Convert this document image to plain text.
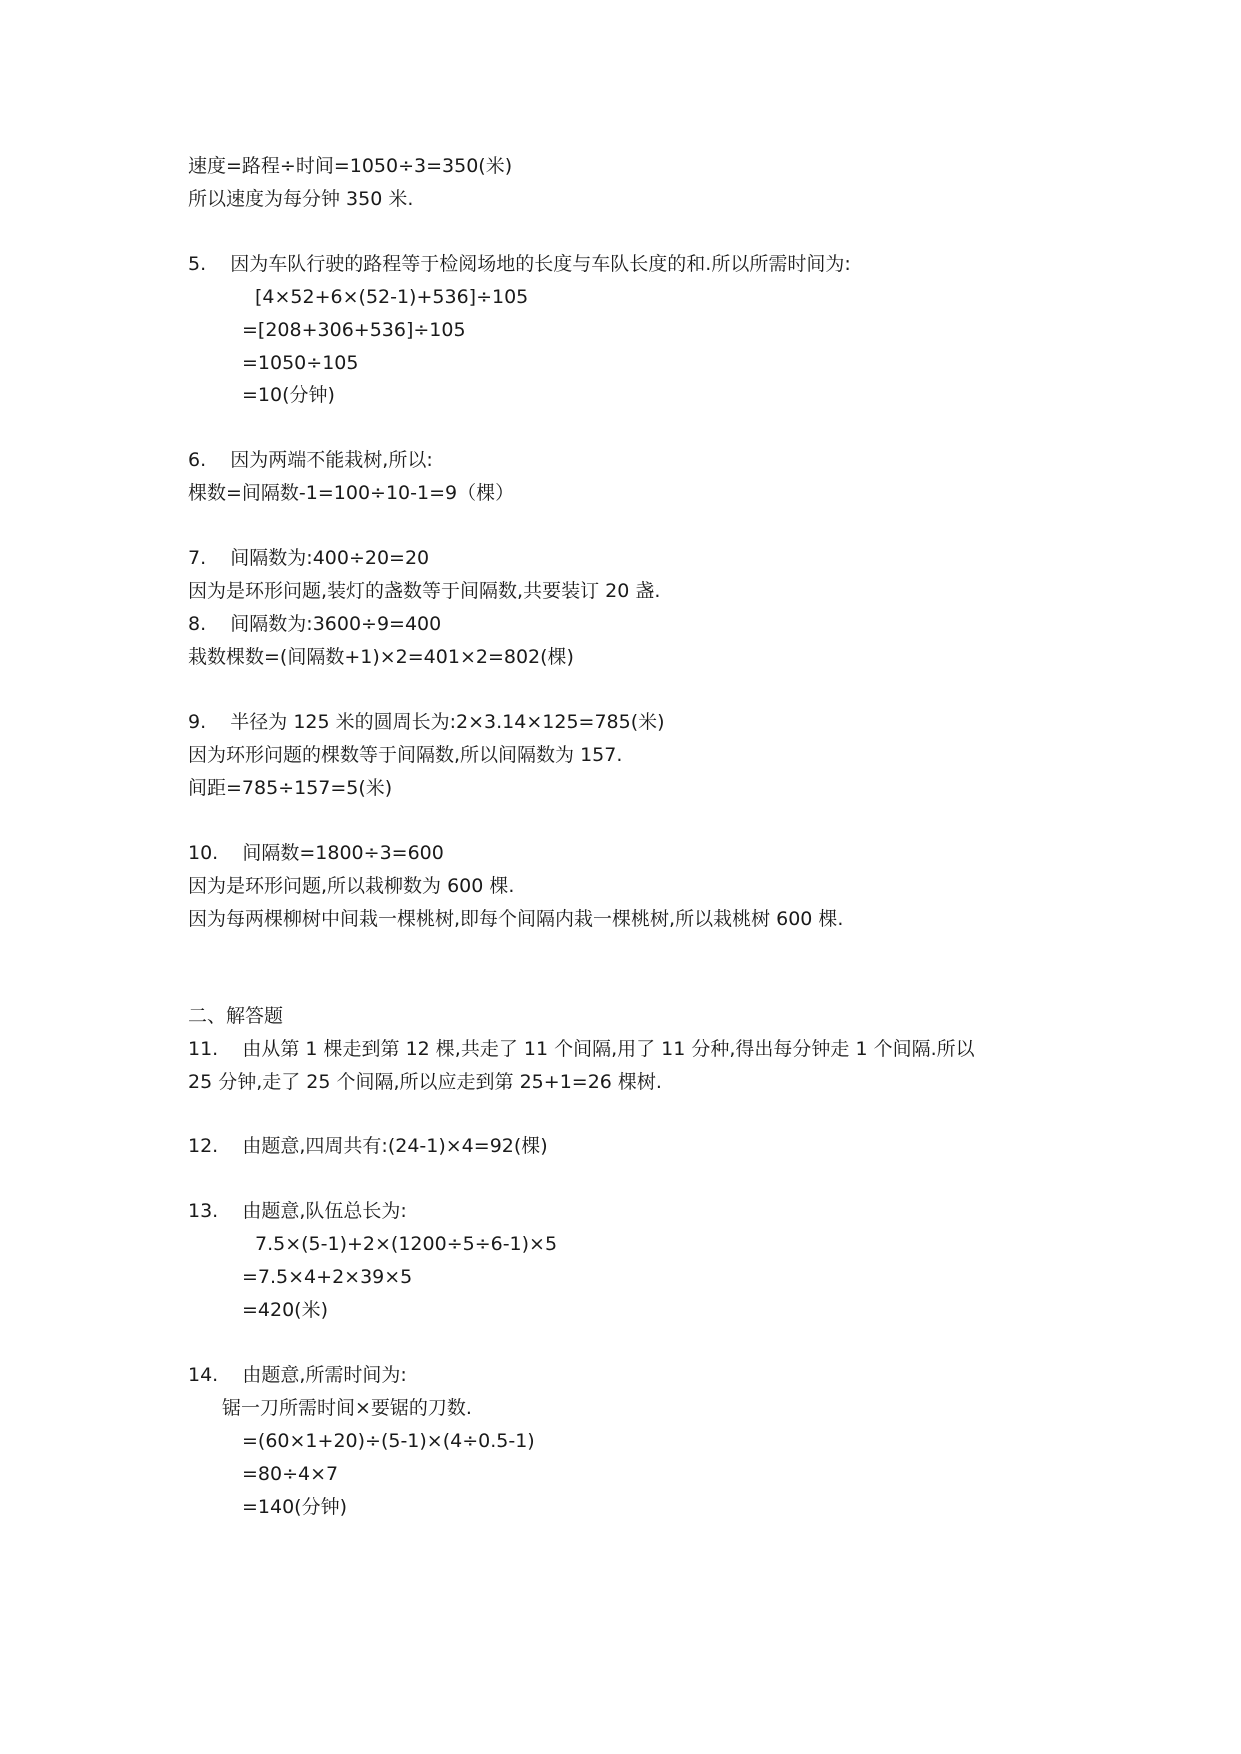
速度=路程÷时间=1050÷3=350(米)
所以速度为每分钟 350 米.
5.    因为车队行驶的路程等于检阅场地的长度与车队长度的和.所以所需时间为:
[4×52+6×(52-1)+536]÷105
=[208+306+536]÷105
=1050÷105
=10(分钟)
6.    因为两端不能栽树,所以:
棵数=间隔数-1=100÷10-1=9（棵）
7.    间隔数为:400÷20=20
因为是环形问题,装灯的盏数等于间隔数,共要装订 20 盏.
8.    间隔数为:3600÷9=400
栽数棵数=(间隔数+1)×2=401×2=802(棵)
9.    半径为 125 米的圆周长为:2×3.14×125=785(米)
因为环形问题的棵数等于间隔数,所以间隔数为 157.
间距=785÷157=5(米)
10.    间隔数=1800÷3=600
因为是环形问题,所以栽柳数为 600 棵.
因为每两棵柳树中间栽一棵桃树,即每个间隔内栽一棵桃树,所以栽桃树 600 棵.
二、解答题
11.    由从第 1 棵走到第 12 棵,共走了 11 个间隔,用了 11 分种,得出每分钟走 1 个间隔.所以
25 分钟,走了 25 个间隔,所以应走到第 25+1=26 棵树.
12.    由题意,四周共有:(24-1)×4=92(棵)
13.    由题意,队伍总长为:
7.5×(5-1)+2×(1200÷5÷6-1)×5
=7.5×4+2×39×5
=420(米)
14.    由题意,所需时间为:
锯一刀所需时间×要锯的刀数.
=(60×1+20)÷(5-1)×(4÷0.5-1)
=80÷4×7
=140(分钟)
